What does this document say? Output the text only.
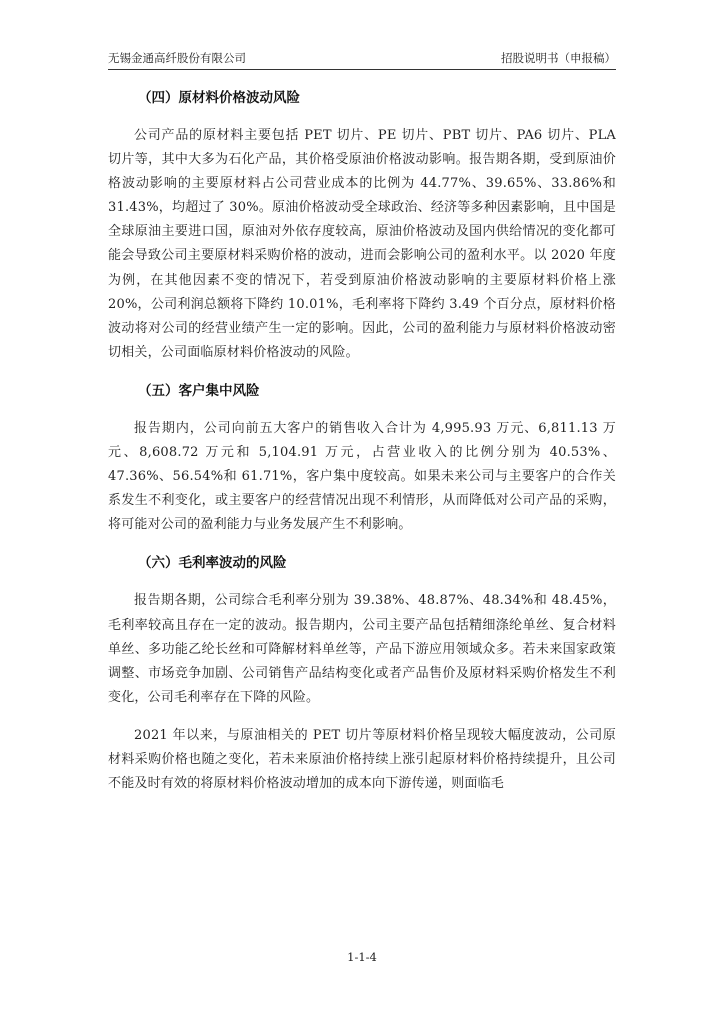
无锡金通高纤股份有限公司	招股说明书（申报稿）
（四）原材料价格波动风险

公司产品的原材料主要包括 PET 切片、PE 切片、PBT 切片、PA6 切片、PLA 切片等，其中大多为石化产品，其价格受原油价格波动影响。报告期各期，受到原油价格波动影响的主要原材料占公司营业成本的比例为 44.77%、39.65%、33.86%和 31.43%，均超过了 30%。原油价格波动受全球政治、经济等多种因素影响，且中国是全球原油主要进口国，原油对外依存度较高，原油价格波动及国内供给情况的变化都可能会导致公司主要原材料采购价格的波动，进而会影响公司的盈利水平。以 2020 年度为例，在其他因素不变的情况下，若受到原油价格波动影响的主要原材料价格上涨 20%，公司利润总额将下降约 10.01%，毛利率将下降约 3.49 个百分点，原材料价格波动将对公司的经营业绩产生一定的影响。因此，公司的盈利能力与原材料价格波动密切相关，公司面临原材料价格波动的风险。

（五）客户集中风险

报告期内，公司向前五大客户的销售收入合计为 4,995.93 万元、6,811.13 万元、8,608.72 万元和 5,104.91 万元，占营业收入的比例分别为 40.53%、47.36%、56.54%和 61.71%，客户集中度较高。如果未来公司与主要客户的合作关系发生不利变化，或主要客户的经营情况出现不利情形，从而降低对公司产品的采购，将可能对公司的盈利能力与业务发展产生不利影响。

（六）毛利率波动的风险

报告期各期，公司综合毛利率分别为 39.38%、48.87%、48.34%和 48.45%，毛利率较高且存在一定的波动。报告期内，公司主要产品包括精细涤纶单丝、复合材料单丝、多功能乙纶长丝和可降解材料单丝等，产品下游应用领域众多。若未来国家政策调整、市场竞争加剧、公司销售产品结构变化或者产品售价及原材料采购价格发生不利变化，公司毛利率存在下降的风险。

2021 年以来，与原油相关的 PET 切片等原材料价格呈现较大幅度波动，公司原材料采购价格也随之变化，若未来原油价格持续上涨引起原材料价格持续提升，且公司不能及时有效的将原材料价格波动增加的成本向下游传递，则面临毛

1-1-4
